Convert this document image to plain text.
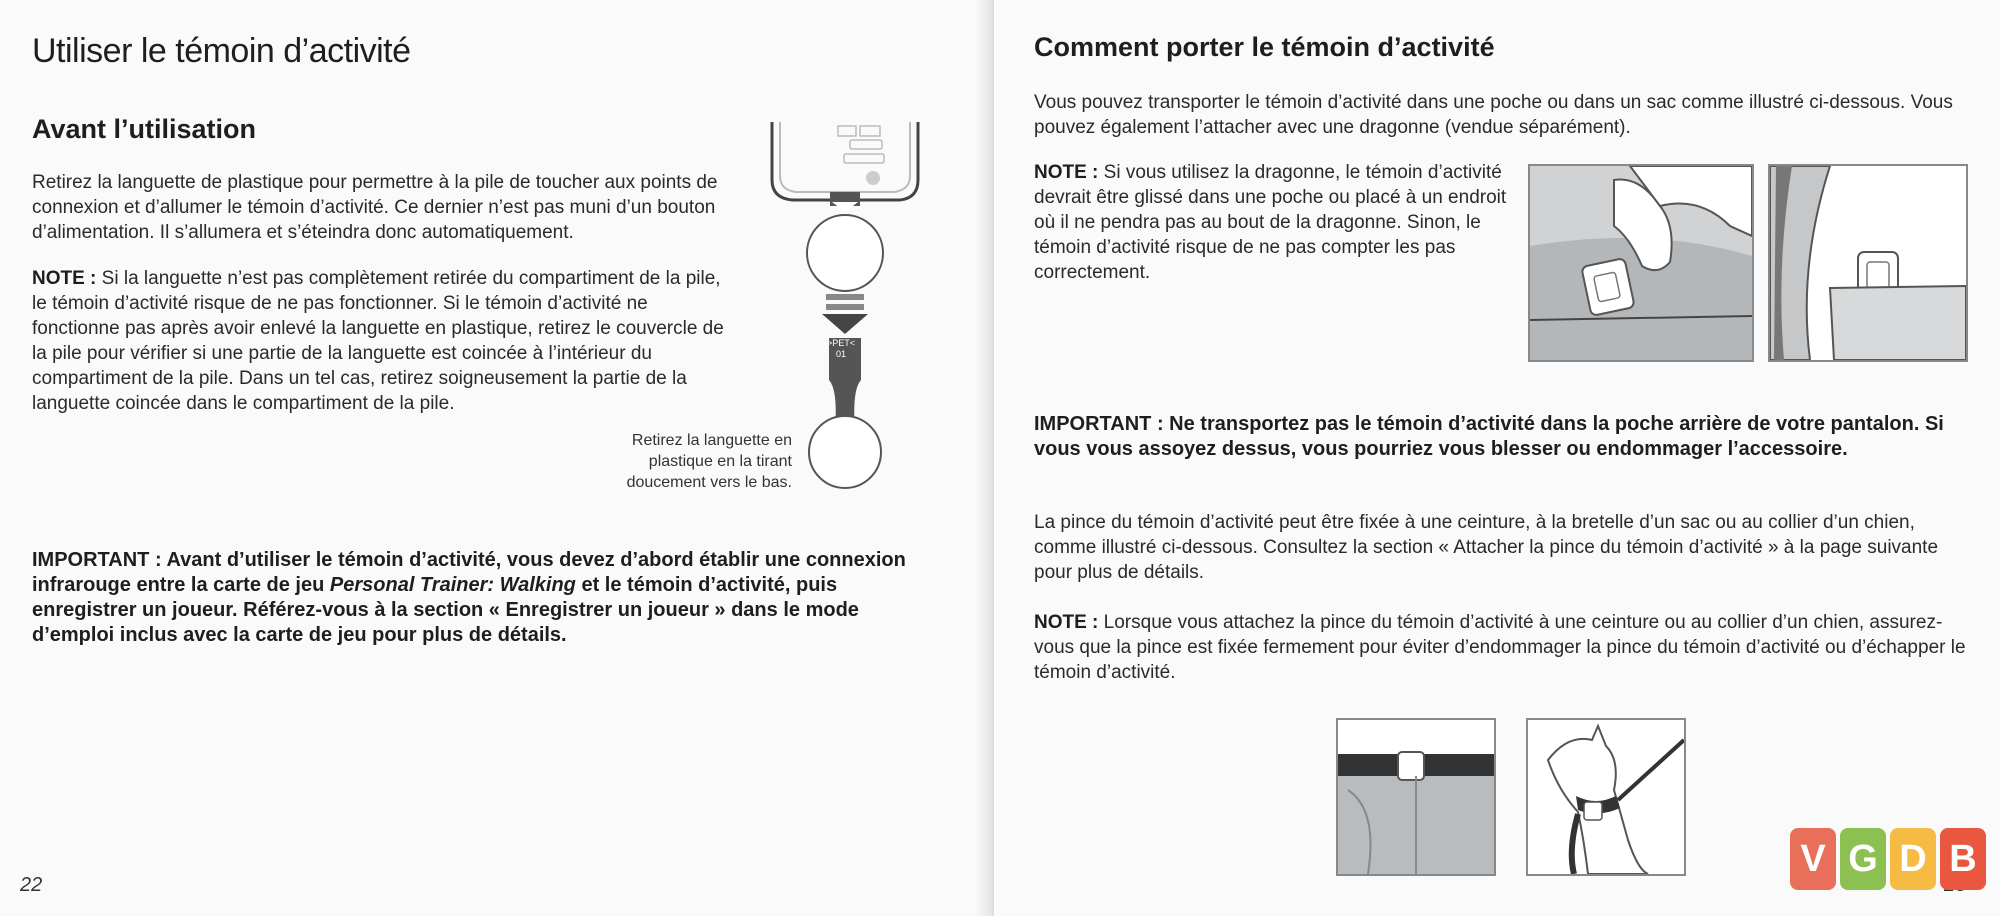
Utiliser le témoin d’activité
Avant l’utilisation

Retirez la languette de plastique pour permettre à la pile de toucher aux points de connexion et d’allumer le témoin d’activité. Ce dernier n’est pas muni d’un bouton d’alimentation. Il s’allumera et s’éteindra donc automatiquement.

NOTE : Si la languette n’est pas complètement retirée du compartiment de la pile, le témoin d’activité risque de ne pas fonctionner. Si le témoin d’activité ne fonctionne pas après avoir enlevé la languette en plastique, retirez le couvercle de la pile pour vérifier si une partie de la languette est coincée à l’intérieur du compartiment de la pile. Dans un tel cas, retirez soigneusement la partie de la languette coincée dans le compartiment de la pile.

>PET<
01

Retirez la languette en plastique en la tirant doucement vers le bas.

IMPORTANT : Avant d’utiliser le témoin d’activité, vous devez d’abord établir une connexion infrarouge entre la carte de jeu Personal Trainer: Walking et le témoin d’activité, puis enregistrer un joueur. Référez-vous à la section « Enregistrer un joueur » dans le mode d’emploi inclus avec la carte de jeu pour plus de détails.

22
Comment porter le témoin d’activité

Vous pouvez transporter le témoin d’activité dans une poche ou dans un sac comme illustré ci-dessous. Vous pouvez également l’attacher avec une dragonne (vendue séparément).

NOTE : Si vous utilisez la dragonne, le témoin d’activité devrait être glissé dans une poche ou placé à un endroit où il ne pendra pas au bout de la dragonne. Sinon, le témoin d’activité risque de ne pas compter les pas correctement.

IMPORTANT : Ne transportez pas le témoin d’activité dans la poche arrière de votre pantalon. Si vous vous assoyez dessus, vous pourriez vous blesser ou endommager l’accessoire.

La pince du témoin d’activité peut être fixée à une ceinture, à la bretelle d’un sac ou au collier d’un chien, comme illustré ci-dessous. Consultez la section « Attacher la pince du témoin d’activité » à la page suivante pour plus de détails.

NOTE : Lorsque vous attachez la pince du témoin d’activité à une ceinture ou au collier d’un chien, assurez-vous que la pince est fixée fermement pour éviter d’endommager la pince du témoin d’activité ou d’échapper le témoin d’activité.

V G D B
